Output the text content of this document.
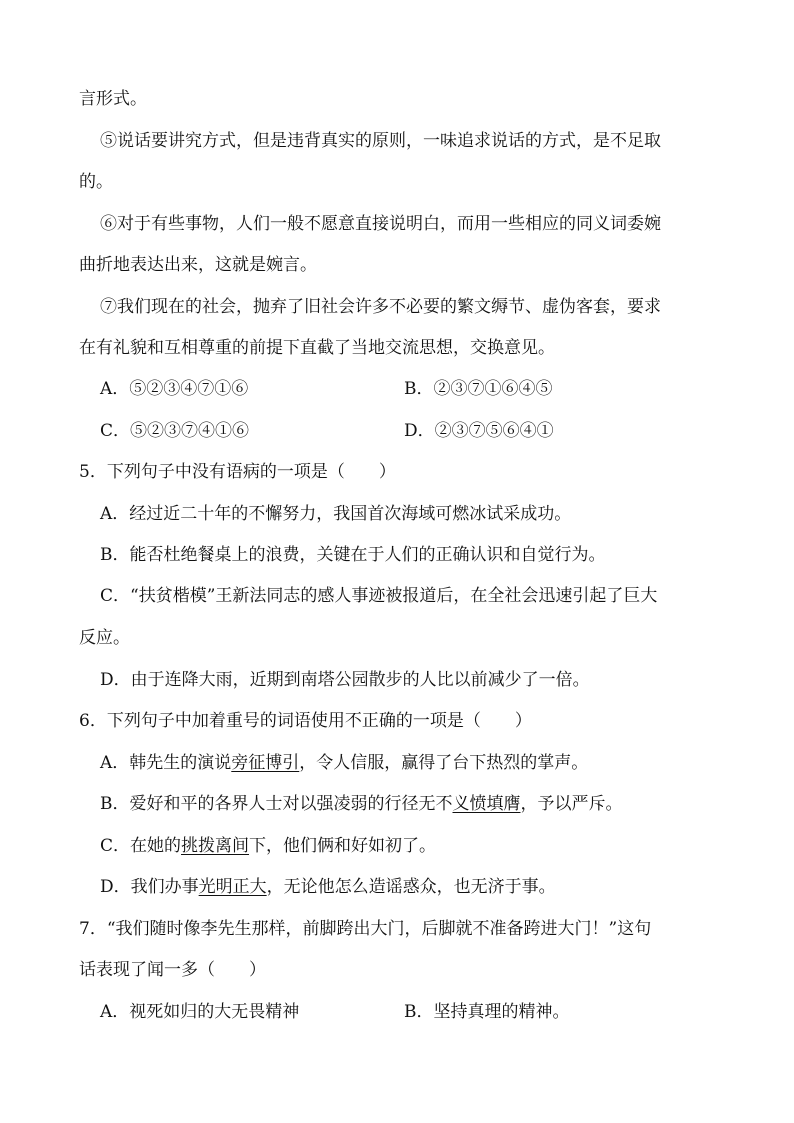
言形式。
⑤说话要讲究方式，但是违背真实的原则，一味追求说话的方式，是不足取
的。
⑥对于有些事物，人们一般不愿意直接说明白，而用一些相应的同义词委婉
曲折地表达出来，这就是婉言。
⑦我们现在的社会，抛弃了旧社会许多不必要的繁文缛节、虚伪客套，要求
在有礼貌和互相尊重的前提下直截了当地交流思想，交换意见。
A．⑤②③④⑦①⑥	B．②③⑦①⑥④⑤
C．⑤②③⑦④①⑥	D．②③⑦⑤⑥④①
5．下列句子中没有语病的一项是（　　）
A．经过近二十年的不懈努力，我国首次海域可燃冰试采成功。
B．能否杜绝餐桌上的浪费，关键在于人们的正确认识和自觉行为。
C．“扶贫楷模”王新法同志的感人事迹被报道后，在全社会迅速引起了巨大
反应。
D．由于连降大雨，近期到南塔公园散步的人比以前减少了一倍。
6．下列句子中加着重号的词语使用不正确的一项是（　　）
A．韩先生的演说旁征博引，令人信服，赢得了台下热烈的掌声。
B．爱好和平的各界人士对以强凌弱的行径无不义愤填膺，予以严斥。
C．在她的挑拨离间下，他们俩和好如初了。
D．我们办事光明正大，无论他怎么造谣惑众，也无济于事。
7．“我们随时像李先生那样，前脚跨出大门，后脚就不准备跨进大门！”这句
话表现了闻一多（　　）
A．视死如归的大无畏精神	B．坚持真理的精神。
